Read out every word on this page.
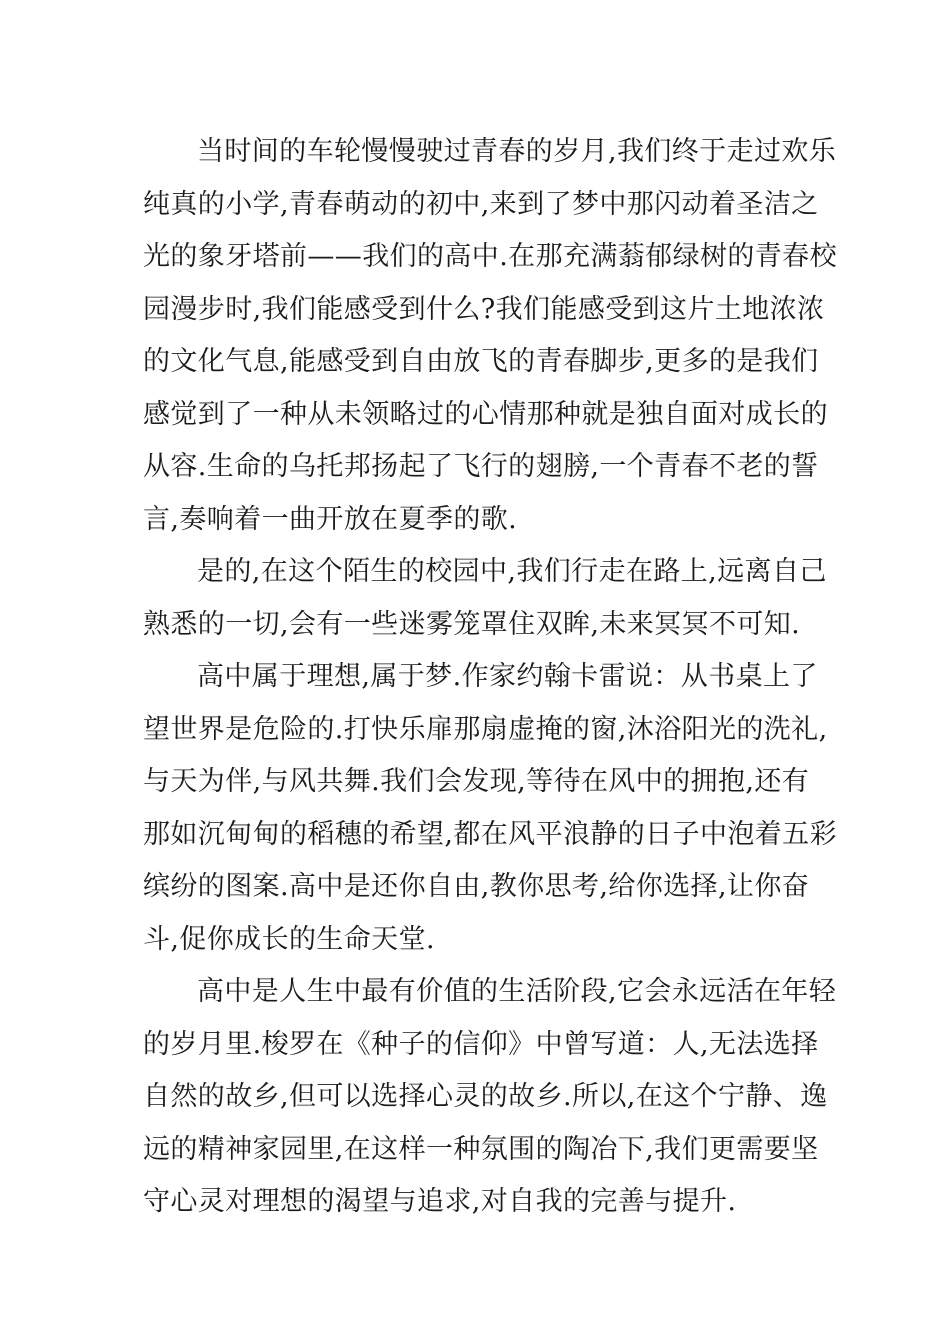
当时间的车轮慢慢驶过青春的岁月,我们终于走过欢乐
纯真的小学,青春萌动的初中,来到了梦中那闪动着圣洁之
光的象牙塔前——我们的高中.在那充满蓊郁绿树的青春校
园漫步时,我们能感受到什么?我们能感受到这片土地浓浓
的文化气息,能感受到自由放飞的青春脚步,更多的是我们
感觉到了一种从未领略过的心情那种就是独自面对成长的
从容.生命的乌托邦扬起了飞行的翅膀,一个青春不老的誓
言,奏响着一曲开放在夏季的歌.

是的,在这个陌生的校园中,我们行走在路上,远离自己
熟悉的一切,会有一些迷雾笼罩住双眸,未来冥冥不可知.

高中属于理想,属于梦.作家约翰卡雷说：从书桌上了
望世界是危险的.打快乐扉那扇虚掩的窗,沐浴阳光的洗礼,
与天为伴,与风共舞.我们会发现,等待在风中的拥抱,还有
那如沉甸甸的稻穗的希望,都在风平浪静的日子中泡着五彩
缤纷的图案.高中是还你自由,教你思考,给你选择,让你奋
斗,促你成长的生命天堂.

高中是人生中最有价值的生活阶段,它会永远活在年轻
的岁月里.梭罗在《种子的信仰》中曾写道：人,无法选择
自然的故乡,但可以选择心灵的故乡.所以,在这个宁静、逸
远的精神家园里,在这样一种氛围的陶冶下,我们更需要坚
守心灵对理想的渴望与追求,对自我的完善与提升.
